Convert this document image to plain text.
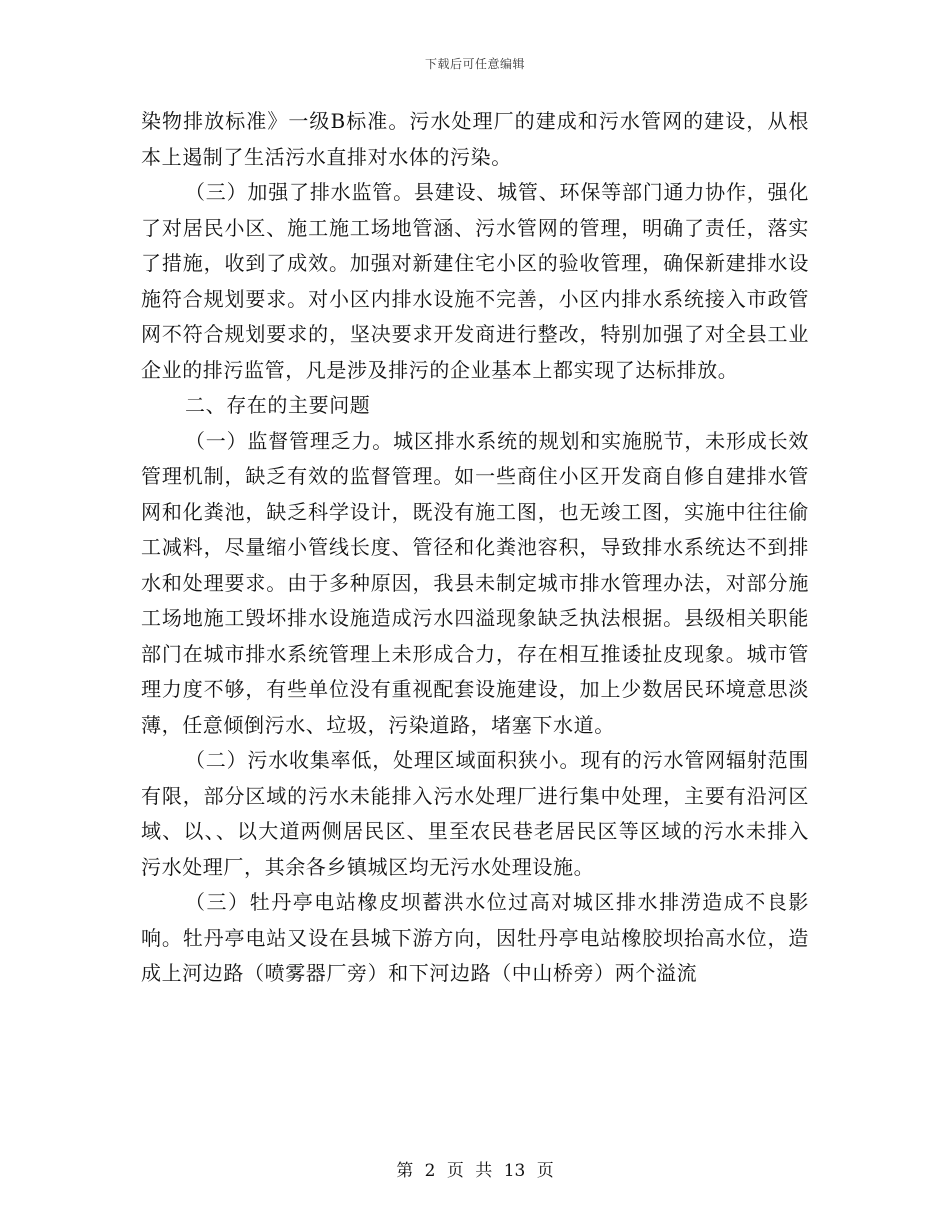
下载后可任意编辑

染物排放标准》一级B标准。污水处理厂的建成和污水管网的建设，从根本上遏制了生活污水直排对水体的污染。

（三）加强了排水监管。县建设、城管、环保等部门通力协作，强化了对居民小区、施工施工场地管涵、污水管网的管理，明确了责任，落实了措施，收到了成效。加强对新建住宅小区的验收管理，确保新建排水设施符合规划要求。对小区内排水设施不完善，小区内排水系统接入市政管网不符合规划要求的，坚决要求开发商进行整改，特别加强了对全县工业企业的排污监管，凡是涉及排污的企业基本上都实现了达标排放。

二、存在的主要问题

（一）监督管理乏力。城区排水系统的规划和实施脱节，未形成长效管理机制，缺乏有效的监督管理。如一些商住小区开发商自修自建排水管网和化粪池，缺乏科学设计，既没有施工图，也无竣工图，实施中往往偷工减料，尽量缩小管线长度、管径和化粪池容积，导致排水系统达不到排水和处理要求。由于多种原因，我县未制定城市排水管理办法，对部分施工场地施工毁坏排水设施造成污水四溢现象缺乏执法根据。县级相关职能部门在城市排水系统管理上未形成合力，存在相互推诿扯皮现象。城市管理力度不够，有些单位没有重视配套设施建设，加上少数居民环境意思淡薄，任意倾倒污水、垃圾，污染道路，堵塞下水道。

（二）污水收集率低，处理区域面积狭小。现有的污水管网辐射范围有限，部分区域的污水未能排入污水处理厂进行集中处理，主要有沿河区域、以、、以大道两侧居民区、里至农民巷老居民区等区域的污水未排入污水处理厂，其余各乡镇城区均无污水处理设施。

（三）牡丹亭电站橡皮坝蓄洪水位过高对城区排水排涝造成不良影响。牡丹亭电站又设在县城下游方向，因牡丹亭电站橡胶坝抬高水位，造成上河边路（喷雾器厂旁）和下河边路（中山桥旁）两个溢流

第 2 页 共 13 页
